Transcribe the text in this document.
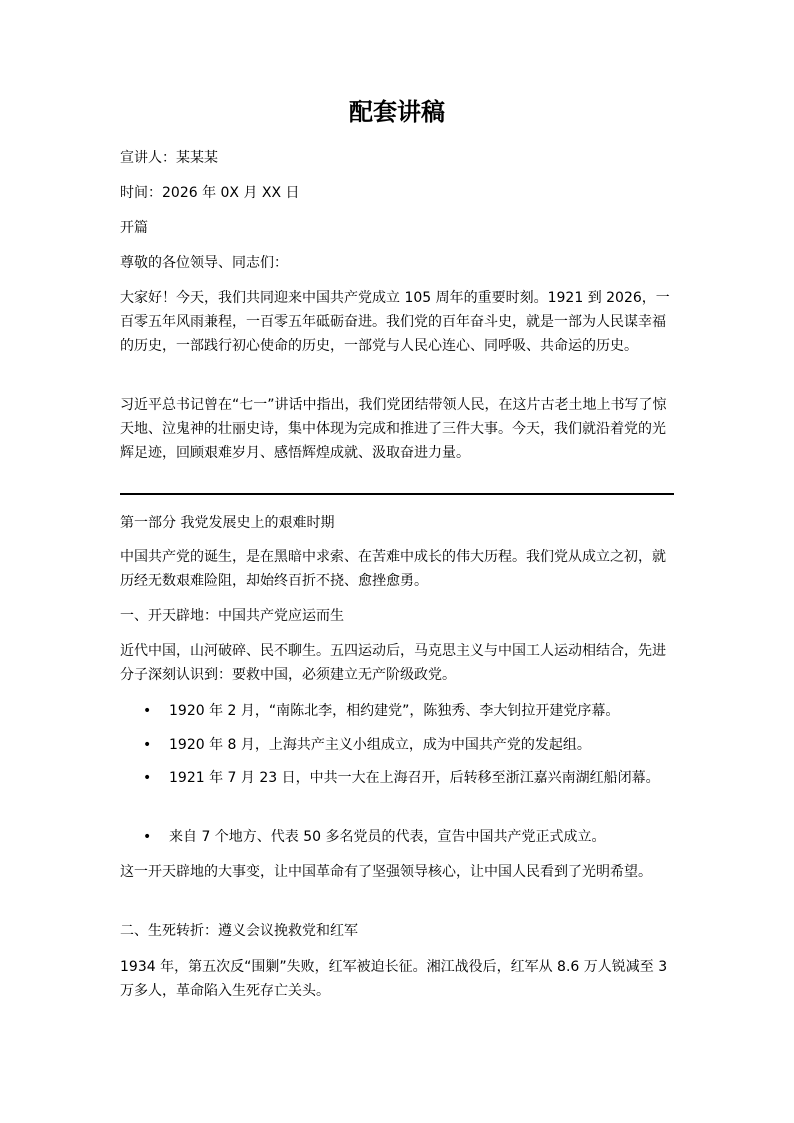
配套讲稿

宣讲人：某某某

时间：2026 年 0X 月 XX 日

开篇

尊敬的各位领导、同志们：

大家好！今天，我们共同迎来中国共产党成立 105 周年的重要时刻。1921 到 2026，一百零五年风雨兼程，一百零五年砥砺奋进。我们党的百年奋斗史，就是一部为人民谋幸福的历史，一部践行初心使命的历史，一部党与人民心连心、同呼吸、共命运的历史。

习近平总书记曾在“七一”讲话中指出，我们党团结带领人民，在这片古老土地上书写了惊天地、泣鬼神的壮丽史诗，集中体现为完成和推进了三件大事。今天，我们就沿着党的光辉足迹，回顾艰难岁月、感悟辉煌成就、汲取奋进力量。

第一部分 我党发展史上的艰难时期

中国共产党的诞生，是在黑暗中求索、在苦难中成长的伟大历程。我们党从成立之初，就历经无数艰难险阻，却始终百折不挠、愈挫愈勇。

一、开天辟地：中国共产党应运而生

近代中国，山河破碎、民不聊生。五四运动后，马克思主义与中国工人运动相结合，先进分子深刻认识到：要救中国，必须建立无产阶级政党。

•	1920 年 2 月，“南陈北李，相约建党”，陈独秀、李大钊拉开建党序幕。

•	1920 年 8 月，上海共产主义小组成立，成为中国共产党的发起组。

•	1921 年 7 月 23 日，中共一大在上海召开，后转移至浙江嘉兴南湖红船闭幕。

•	来自 7 个地方、代表 50 多名党员的代表，宣告中国共产党正式成立。

这一开天辟地的大事变，让中国革命有了坚强领导核心，让中国人民看到了光明希望。

二、生死转折：遵义会议挽救党和红军

1934 年，第五次反“围剿”失败，红军被迫长征。湘江战役后，红军从 8.6 万人锐减至 3 万多人，革命陷入生死存亡关头。
